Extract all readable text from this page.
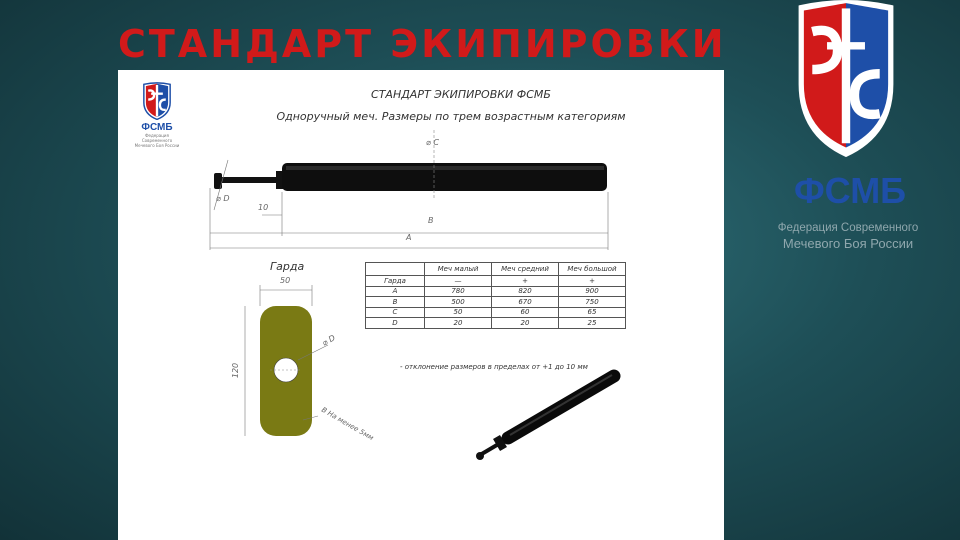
СТАНДАРТ ЭКИПИРОВКИ
ФСМБ
Федерация Современного Мечевого Боя России
СТАНДАРТ ЭКИПИРОВКИ ФСМБ
Одноручный меч. Размеры по трем возрастным категориям
⌀ C
⌀ D
10
B
A
Гарда
50
120
⌀ D
В На менее 5мм
	Меч малый	Меч средний	Меч большой
Гарда	—	+	+
A	780	820	900
B	500	670	750
C	50	60	65
D	20	20	25
- отклонение размеров в пределах от +1 до 10 мм
ФСМБ
Федерация Современного
Мечевого Боя России
